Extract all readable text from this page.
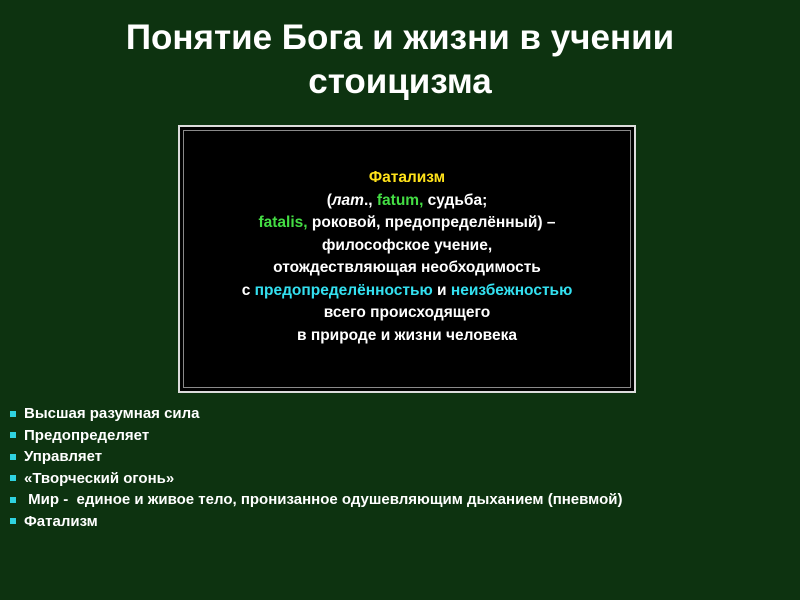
Понятие Бога и жизни в учении
стоицизма
Фатализм
(лат., fatum, судьба;
fatalis, роковой, предопределённый) –
философское учение,
отождествляющая необходимость
с предопределённостью и неизбежностью
всего происходящего
в природе и жизни человека
Высшая разумная сила
Предопределяет
Управляет
«Творческий огонь»
Мир -  единое и живое тело, пронизанное одушевляющим дыханием (пневмой)
Фатализм
